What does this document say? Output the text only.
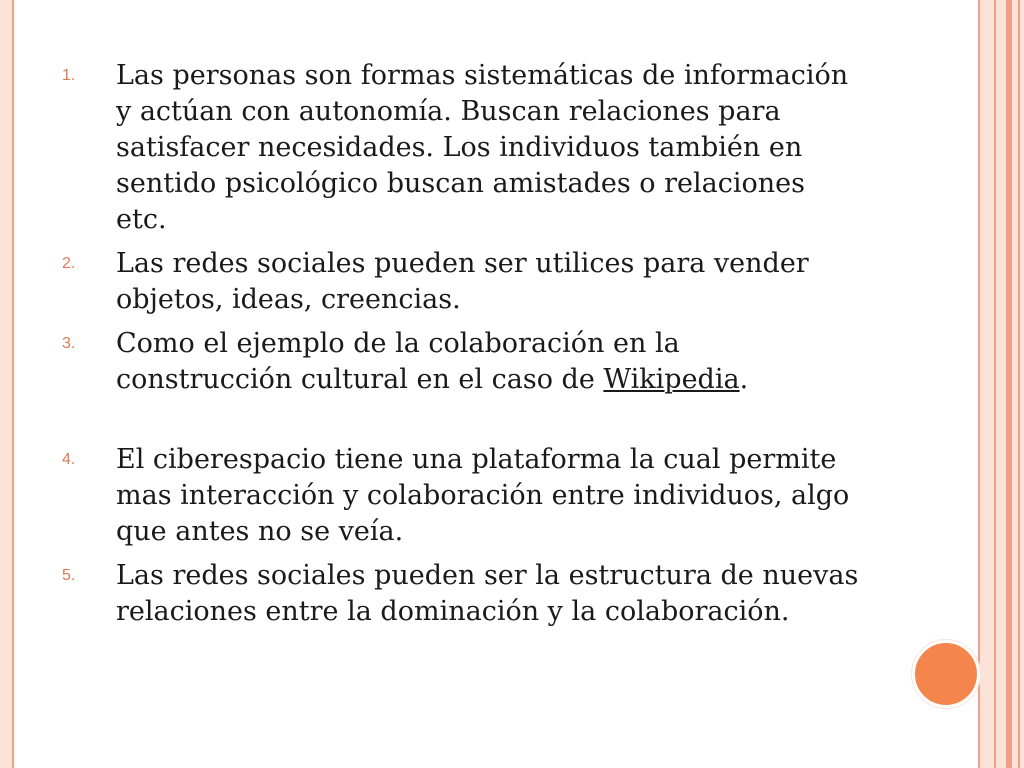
1. Las personas son formas sistemáticas de información y actúan con autonomía. Buscan relaciones para satisfacer necesidades. Los individuos también en sentido psicológico buscan amistades o relaciones etc.
2. Las redes sociales pueden ser utilices para vender objetos, ideas, creencias.
3. Como el ejemplo de la colaboración en la construcción cultural en el caso de Wikipedia.
4. El ciberespacio tiene una plataforma la cual permite mas interacción y colaboración entre individuos, algo que antes no se veía.
5. Las redes sociales pueden ser la estructura de nuevas relaciones entre la dominación y la colaboración.
